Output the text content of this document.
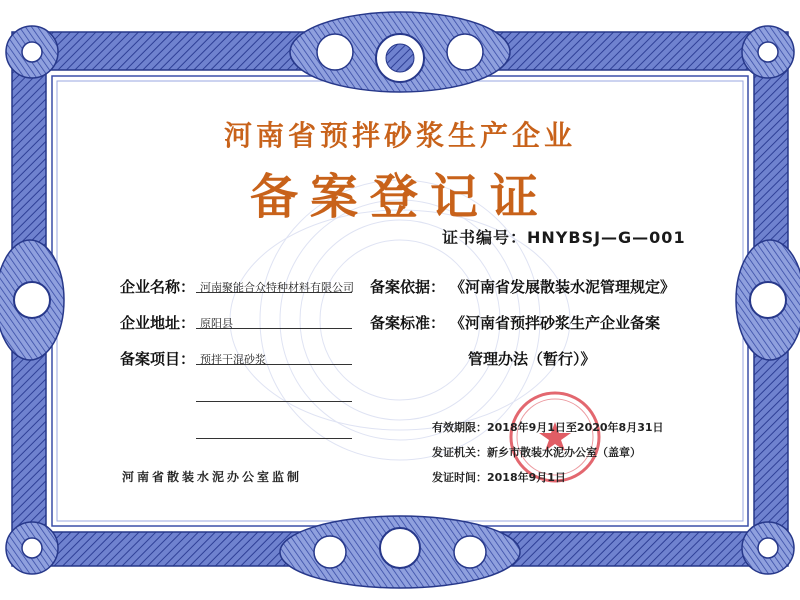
河南省预拌砂浆生产企业
备案登记证
证书编号：HNYBSJ—G—001
企业名称： 河南聚能合众特种材料有限公司
企业地址： 原阳县
备案项目： 预拌干混砂浆
备案依据： 《河南省发展散装水泥管理规定》
备案标准： 《河南省预拌砂浆生产企业备案
管理办法（暂行）》
有效期限：2018年9月1日至2020年8月31日
发证机关：新乡市散装水泥办公室（盖章）
发证时间：2018年9月1日
河南省散装水泥办公室监制
